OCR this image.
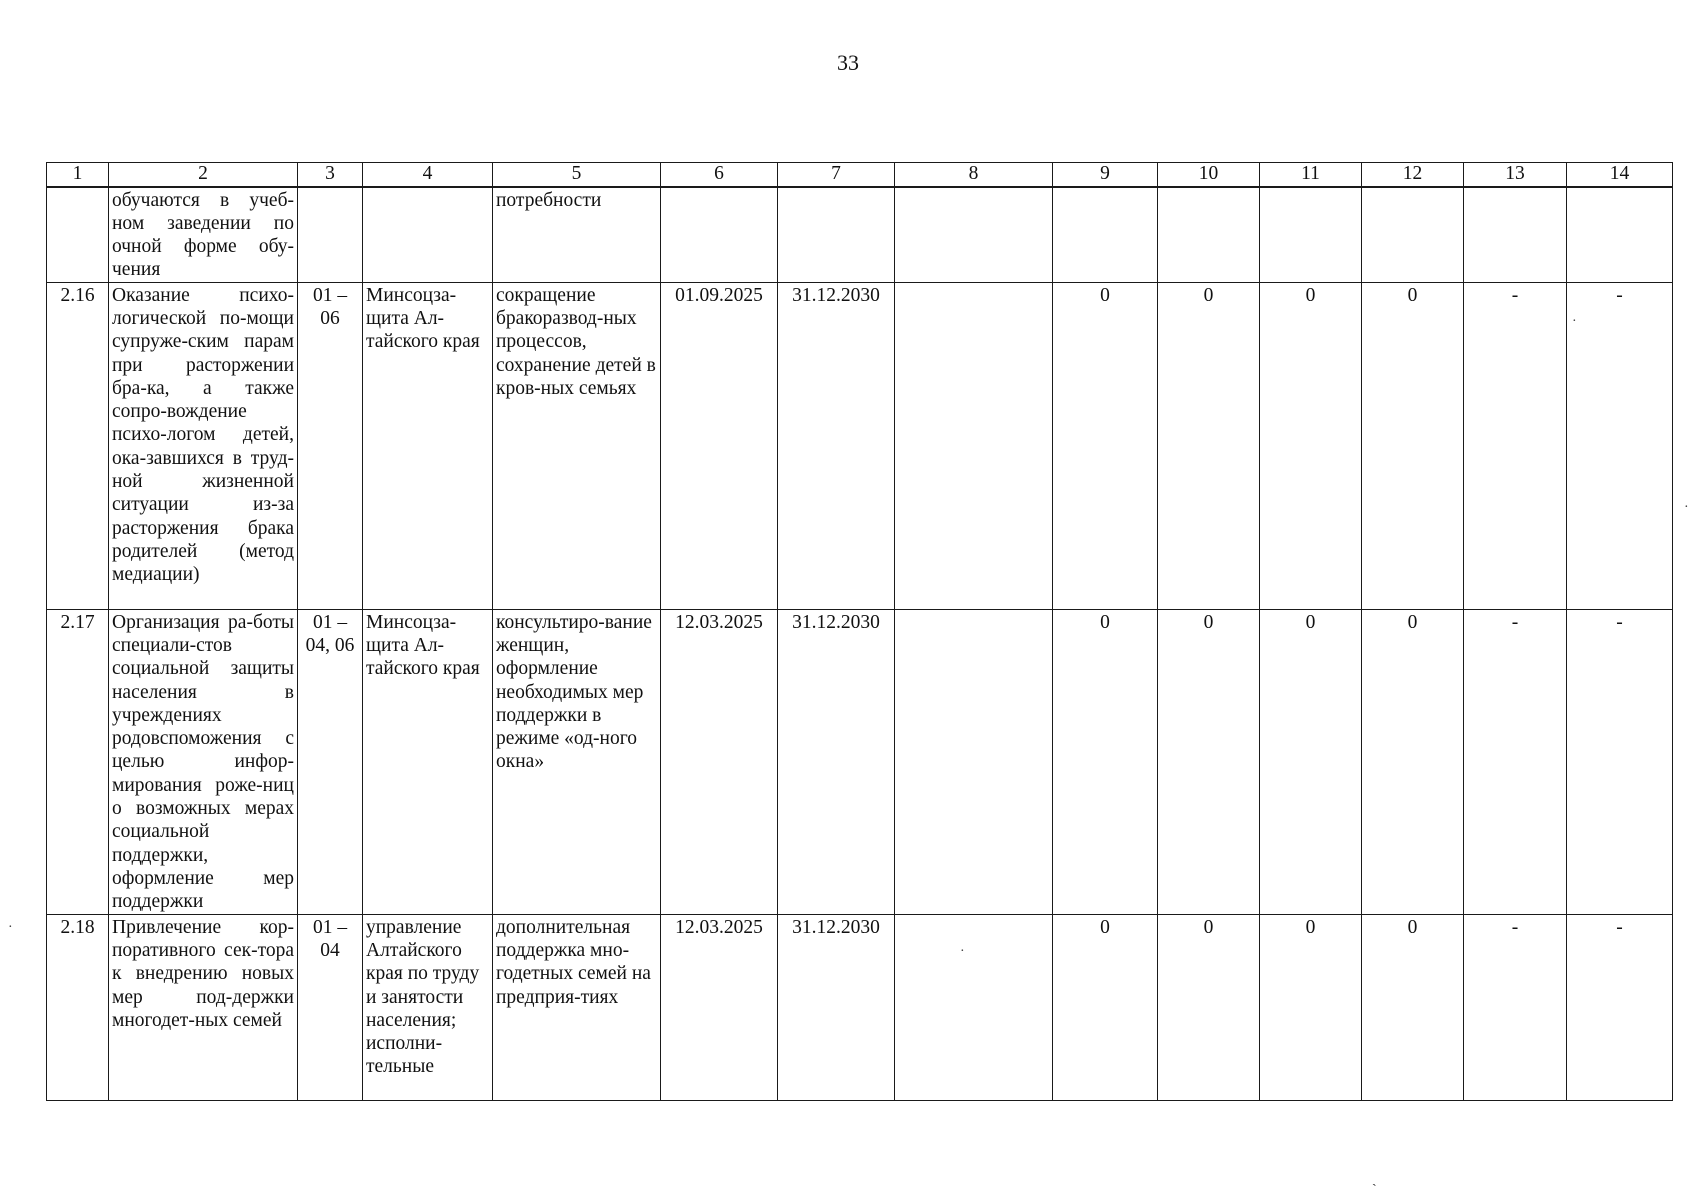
33
1	2	3	4	5	6	7	8	9	10	11	12	13	14
	обучаются в учеб-ном заведении по очной форме обу-чения			потребности									
2.16	Оказание психо-логической по-мощи супруже-ским парам при расторжении бра-ка, а также сопро-вождение психо-логом детей, ока-завшихся в труд-ной жизненной ситуации из-за расторжения брака родителей (метод медиации)	01 – 06	Минсоцза-щита Ал-тайского края	сокращение бракоразвод-ных процессов, сохранение детей в кров-ных семьях	01.09.2025	31.12.2030		0	0	0	0	-	-
2.17	Организация ра-боты специали-стов социальной защиты населения в учреждениях родовспоможения с целью инфор-мирования роже-ниц о возможных мерах социальной поддержки, оформление мер поддержки	01 – 04, 06	Минсоцза-щита Ал-тайского края	консультиро-вание женщин, оформление необходимых мер поддержки в режиме «од-ного окна»	12.03.2025	31.12.2030		0	0	0	0	-	-
2.18	Привлечение кор-поративного сек-тора к внедрению новых мер под-держки многодет-ных семей	01 – 04	управление Алтайского края по труду и занятости населения; исполни-тельные	дополнительная поддержка мно-годетных семей на предприя-тиях	12.03.2025	31.12.2030		0	0	0	0	-	-
·
·
·
·
ˎ
